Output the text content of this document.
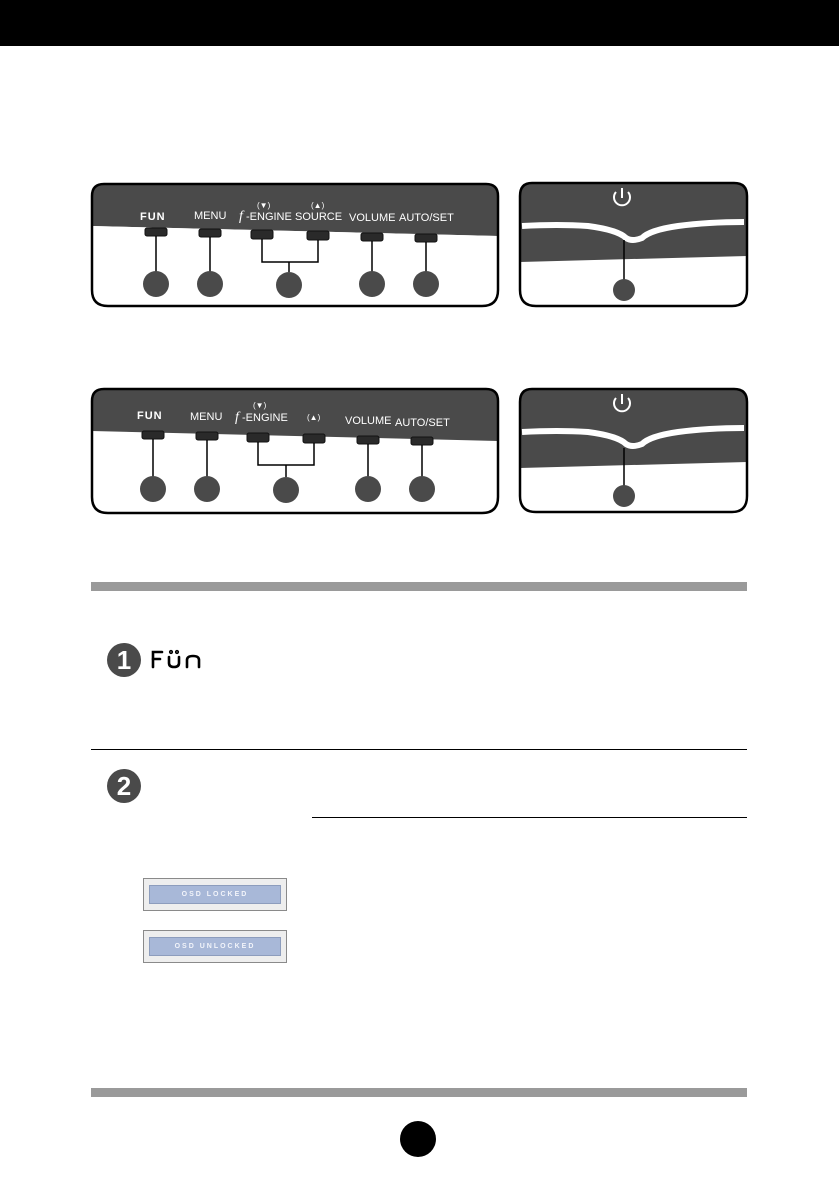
FUN	MENU
(▼)
f -ENGINE
(▲)
SOURCE VOLUME AUTO/SET
FUN MENU
(▼)
f -ENGINE (▲) VOLUME AUTO/SET
1	FUN
2
OSD LOCKED
OSD UNLOCKED
